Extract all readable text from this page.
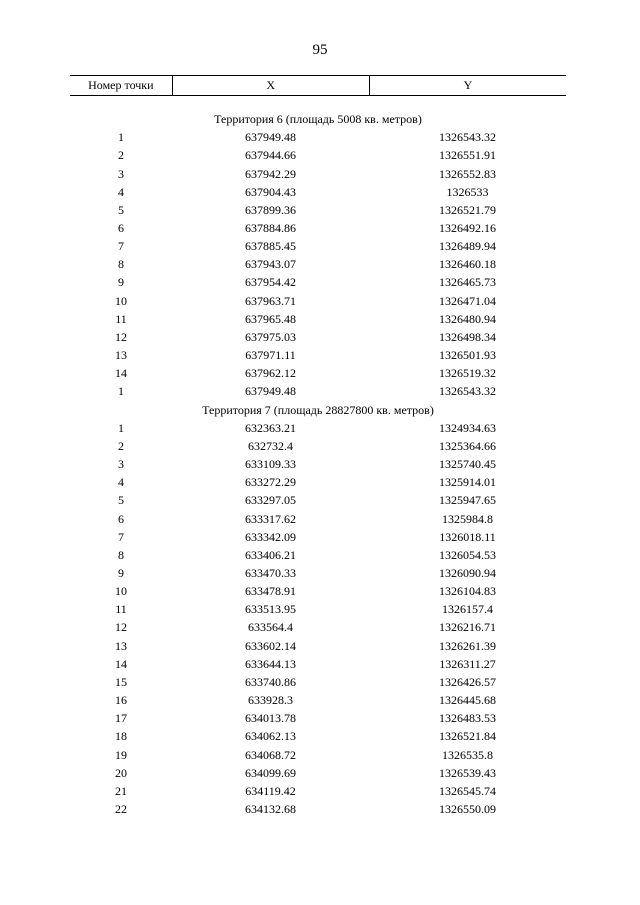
95
Номер точки	X	Y
Территория 6 (площадь 5008 кв. метров)		
1	637949.48	1326543.32
2	637944.66	1326551.91
3	637942.29	1326552.83
4	637904.43	1326533
5	637899.36	1326521.79
6	637884.86	1326492.16
7	637885.45	1326489.94
8	637943.07	1326460.18
9	637954.42	1326465.73
10	637963.71	1326471.04
11	637965.48	1326480.94
12	637975.03	1326498.34
13	637971.11	1326501.93
14	637962.12	1326519.32
1	637949.48	1326543.32
Территория 7 (площадь 28827800 кв. метров)		
1	632363.21	1324934.63
2	632732.4	1325364.66
3	633109.33	1325740.45
4	633272.29	1325914.01
5	633297.05	1325947.65
6	633317.62	1325984.8
7	633342.09	1326018.11
8	633406.21	1326054.53
9	633470.33	1326090.94
10	633478.91	1326104.83
11	633513.95	1326157.4
12	633564.4	1326216.71
13	633602.14	1326261.39
14	633644.13	1326311.27
15	633740.86	1326426.57
16	633928.3	1326445.68
17	634013.78	1326483.53
18	634062.13	1326521.84
19	634068.72	1326535.8
20	634099.69	1326539.43
21	634119.42	1326545.74
22	634132.68	1326550.09
